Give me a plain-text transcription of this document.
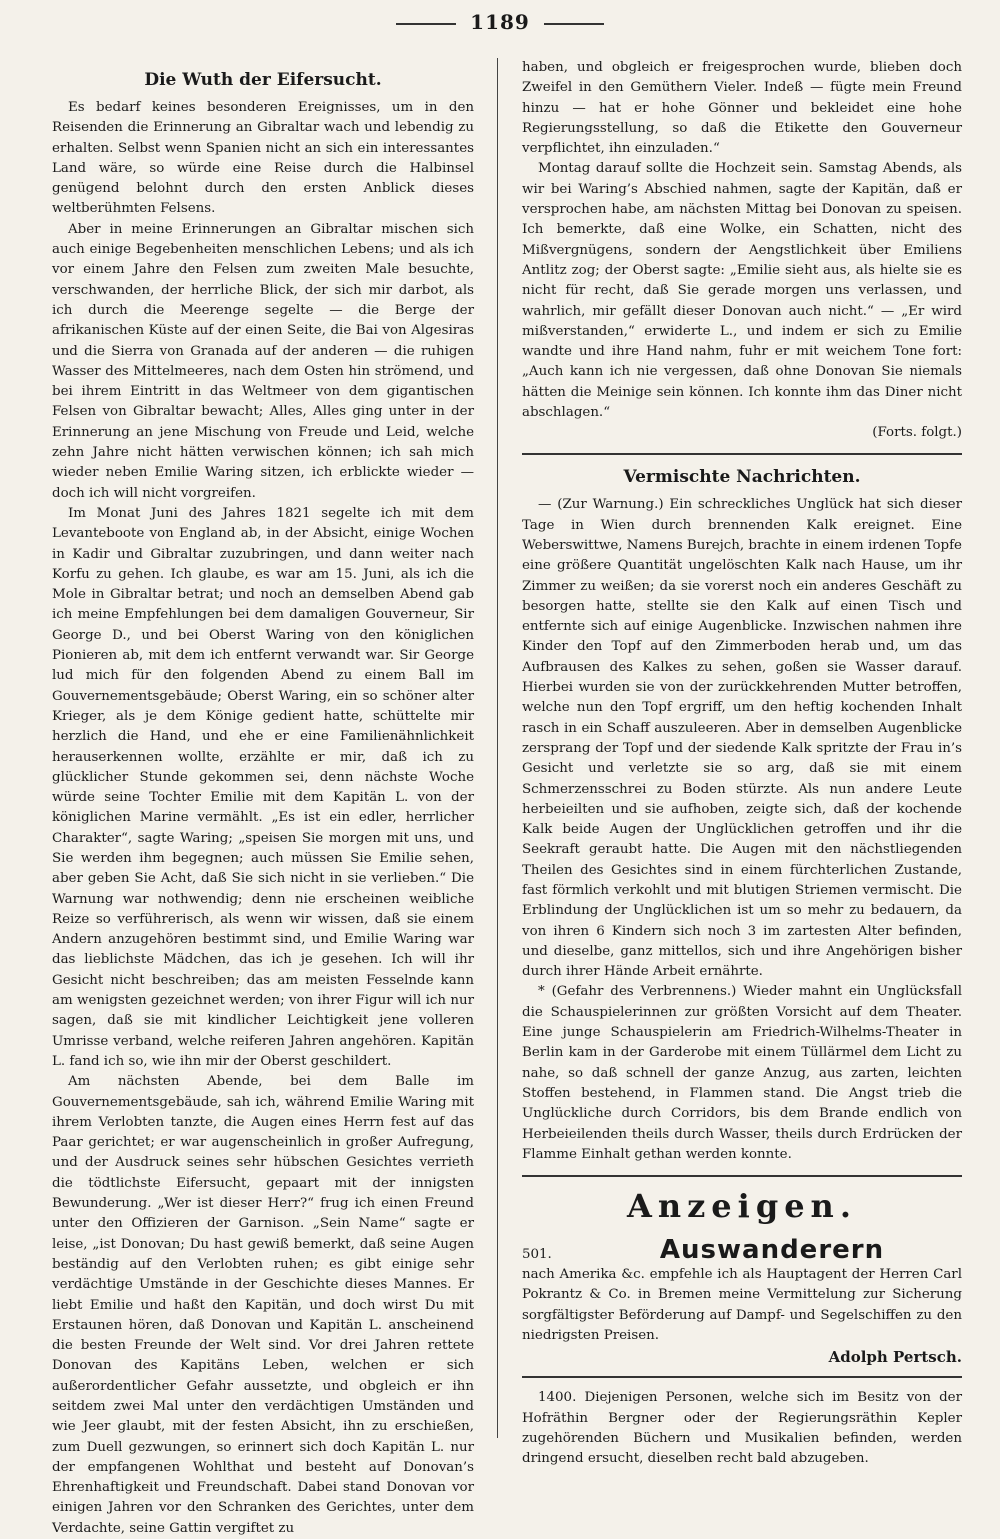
1189
Die Wuth der Eifersucht.

Es bedarf keines besonderen Ereignisses, um in den Reisenden die Erinnerung an Gibraltar wach und lebendig zu erhalten. Selbst wenn Spanien nicht an sich ein interessantes Land wäre, so würde eine Reise durch die Halbinsel genügend belohnt durch den ersten Anblick dieses weltberühmten Felsens.

Aber in meine Erinnerungen an Gibraltar mischen sich auch einige Begebenheiten menschlichen Lebens; und als ich vor einem Jahre den Felsen zum zweiten Male besuchte, verschwanden, der herrliche Blick, der sich mir darbot, als ich durch die Meerenge segelte — die Berge der afrikanischen Küste auf der einen Seite, die Bai von Algesiras und die Sierra von Granada auf der anderen — die ruhigen Wasser des Mittelmeeres, nach dem Osten hin strömend, und bei ihrem Eintritt in das Weltmeer von dem gigantischen Felsen von Gibraltar bewacht; Alles, Alles ging unter in der Erinnerung an jene Mischung von Freude und Leid, welche zehn Jahre nicht hätten verwischen können; ich sah mich wieder neben Emilie Waring sitzen, ich erblickte wieder — doch ich will nicht vorgreifen.

Im Monat Juni des Jahres 1821 segelte ich mit dem Levanteboote von England ab, in der Absicht, einige Wochen in Kadir und Gibraltar zuzubringen, und dann weiter nach Korfu zu gehen. Ich glaube, es war am 15. Juni, als ich die Mole in Gibraltar betrat; und noch an demselben Abend gab ich meine Empfehlungen bei dem damaligen Gouverneur, Sir George D., und bei Oberst Waring von den königlichen Pionieren ab, mit dem ich entfernt verwandt war. Sir George lud mich für den folgenden Abend zu einem Ball im Gouvernementsgebäude; Oberst Waring, ein so schöner alter Krieger, als je dem Könige gedient hatte, schüttelte mir herzlich die Hand, und ehe er eine Familienähnlichkeit herauserkennen wollte, erzählte er mir, daß ich zu glücklicher Stunde gekommen sei, denn nächste Woche würde seine Tochter Emilie mit dem Kapitän L. von der königlichen Marine vermählt. „Es ist ein edler, herrlicher Charakter“, sagte Waring; „speisen Sie morgen mit uns, und Sie werden ihm begegnen; auch müssen Sie Emilie sehen, aber geben Sie Acht, daß Sie sich nicht in sie verlieben.“ Die Warnung war nothwendig; denn nie erscheinen weibliche Reize so verführerisch, als wenn wir wissen, daß sie einem Andern anzugehören bestimmt sind, und Emilie Waring war das lieblichste Mädchen, das ich je gesehen. Ich will ihr Gesicht nicht beschreiben; das am meisten Fesselnde kann am wenigsten gezeichnet werden; von ihrer Figur will ich nur sagen, daß sie mit kindlicher Leichtigkeit jene volleren Umrisse verband, welche reiferen Jahren angehören. Kapitän L. fand ich so, wie ihn mir der Oberst geschildert.

Am nächsten Abende, bei dem Balle im Gouvernementsgebäude, sah ich, während Emilie Waring mit ihrem Verlobten tanzte, die Augen eines Herrn fest auf das Paar gerichtet; er war augenscheinlich in großer Aufregung, und der Ausdruck seines sehr hübschen Gesichtes verrieth die tödtlichste Eifersucht, gepaart mit der innigsten Bewunderung. „Wer ist dieser Herr?“ frug ich einen Freund unter den Offizieren der Garnison. „Sein Name“ sagte er leise, „ist Donovan; Du hast gewiß bemerkt, daß seine Augen beständig auf den Verlobten ruhen; es gibt einige sehr verdächtige Umstände in der Geschichte dieses Mannes. Er liebt Emilie und haßt den Kapitän, und doch wirst Du mit Erstaunen hören, daß Donovan und Kapitän L. anscheinend die besten Freunde der Welt sind. Vor drei Jahren rettete Donovan des Kapitäns Leben, welchen er sich außerordentlicher Gefahr aussetzte, und obgleich er ihn seitdem zwei Mal unter den verdächtigen Umständen und wie Jeer glaubt, mit der festen Absicht, ihn zu erschießen, zum Duell gezwungen, so erinnert sich doch Kapitän L. nur der empfangenen Wohlthat und besteht auf Donovan’s Ehrenhaftigkeit und Freundschaft. Dabei stand Donovan vor einigen Jahren vor den Schranken des Gerichtes, unter dem Verdachte, seine Gattin vergiftet zu

haben, und obgleich er freigesprochen wurde, blieben doch Zweifel in den Gemüthern Vieler. Indeß — fügte mein Freund hinzu — hat er hohe Gönner und bekleidet eine hohe Regierungsstellung, so daß die Etikette den Gouverneur verpflichtet, ihn einzuladen.“

Montag darauf sollte die Hochzeit sein. Samstag Abends, als wir bei Waring’s Abschied nahmen, sagte der Kapitän, daß er versprochen habe, am nächsten Mittag bei Donovan zu speisen. Ich bemerkte, daß eine Wolke, ein Schatten, nicht des Mißvergnügens, sondern der Aengstlichkeit über Emiliens Antlitz zog; der Oberst sagte: „Emilie sieht aus, als hielte sie es nicht für recht, daß Sie gerade morgen uns verlassen, und wahrlich, mir gefällt dieser Donovan auch nicht.“ — „Er wird mißverstanden,“ erwiderte L., und indem er sich zu Emilie wandte und ihre Hand nahm, fuhr er mit weichem Tone fort: „Auch kann ich nie vergessen, daß ohne Donovan Sie niemals hätten die Meinige sein können. Ich konnte ihm das Diner nicht abschlagen.“

(Forts. folgt.)

Vermischte Nachrichten.

— (Zur Warnung.) Ein schreckliches Unglück hat sich dieser Tage in Wien durch brennenden Kalk ereignet. Eine Weberswittwe, Namens Burejch, brachte in einem irdenen Topfe eine größere Quantität ungelöschten Kalk nach Hause, um ihr Zimmer zu weißen; da sie vorerst noch ein anderes Geschäft zu besorgen hatte, stellte sie den Kalk auf einen Tisch und entfernte sich auf einige Augenblicke. Inzwischen nahmen ihre Kinder den Topf auf den Zimmerboden herab und, um das Aufbrausen des Kalkes zu sehen, goßen sie Wasser darauf. Hierbei wurden sie von der zurückkehrenden Mutter betroffen, welche nun den Topf ergriff, um den heftig kochenden Inhalt rasch in ein Schaff auszuleeren. Aber in demselben Augenblicke zersprang der Topf und der siedende Kalk spritzte der Frau in’s Gesicht und verletzte sie so arg, daß sie mit einem Schmerzensschrei zu Boden stürzte. Als nun andere Leute herbeieilten und sie aufhoben, zeigte sich, daß der kochende Kalk beide Augen der Unglücklichen getroffen und ihr die Seekraft geraubt hatte. Die Augen mit den nächstliegenden Theilen des Gesichtes sind in einem fürchterlichen Zustande, fast förmlich verkohlt und mit blutigen Striemen vermischt. Die Erblindung der Unglücklichen ist um so mehr zu bedauern, da von ihren 6 Kindern sich noch 3 im zartesten Alter befinden, und dieselbe, ganz mittellos, sich und ihre Angehörigen bisher durch ihrer Hände Arbeit ernährte.

* (Gefahr des Verbrennens.) Wieder mahnt ein Unglücksfall die Schauspielerinnen zur größten Vorsicht auf dem Theater. Eine junge Schauspielerin am Friedrich-Wilhelms-Theater in Berlin kam in der Garderobe mit einem Tüllärmel dem Licht zu nahe, so daß schnell der ganze Anzug, aus zarten, leichten Stoffen bestehend, in Flammen stand. Die Angst trieb die Unglückliche durch Corridors, bis dem Brande endlich von Herbeieilenden theils durch Wasser, theils durch Erdrücken der Flamme Einhalt gethan werden konnte.

Anzeigen.
501.	Auswanderern

nach Amerika &c. empfehle ich als Hauptagent der Herren Carl Pokrantz & Co. in Bremen meine Vermittelung zur Sicherung sorgfältigster Beförderung auf Dampf- und Segelschiffen zu den niedrigsten Preisen.

Adolph Pertsch.

1400. Diejenigen Personen, welche sich im Besitz von der Hofräthin Bergner oder der Regierungsräthin Kepler zugehörenden Büchern und Musikalien befinden, werden dringend ersucht, dieselben recht bald abzugeben.
